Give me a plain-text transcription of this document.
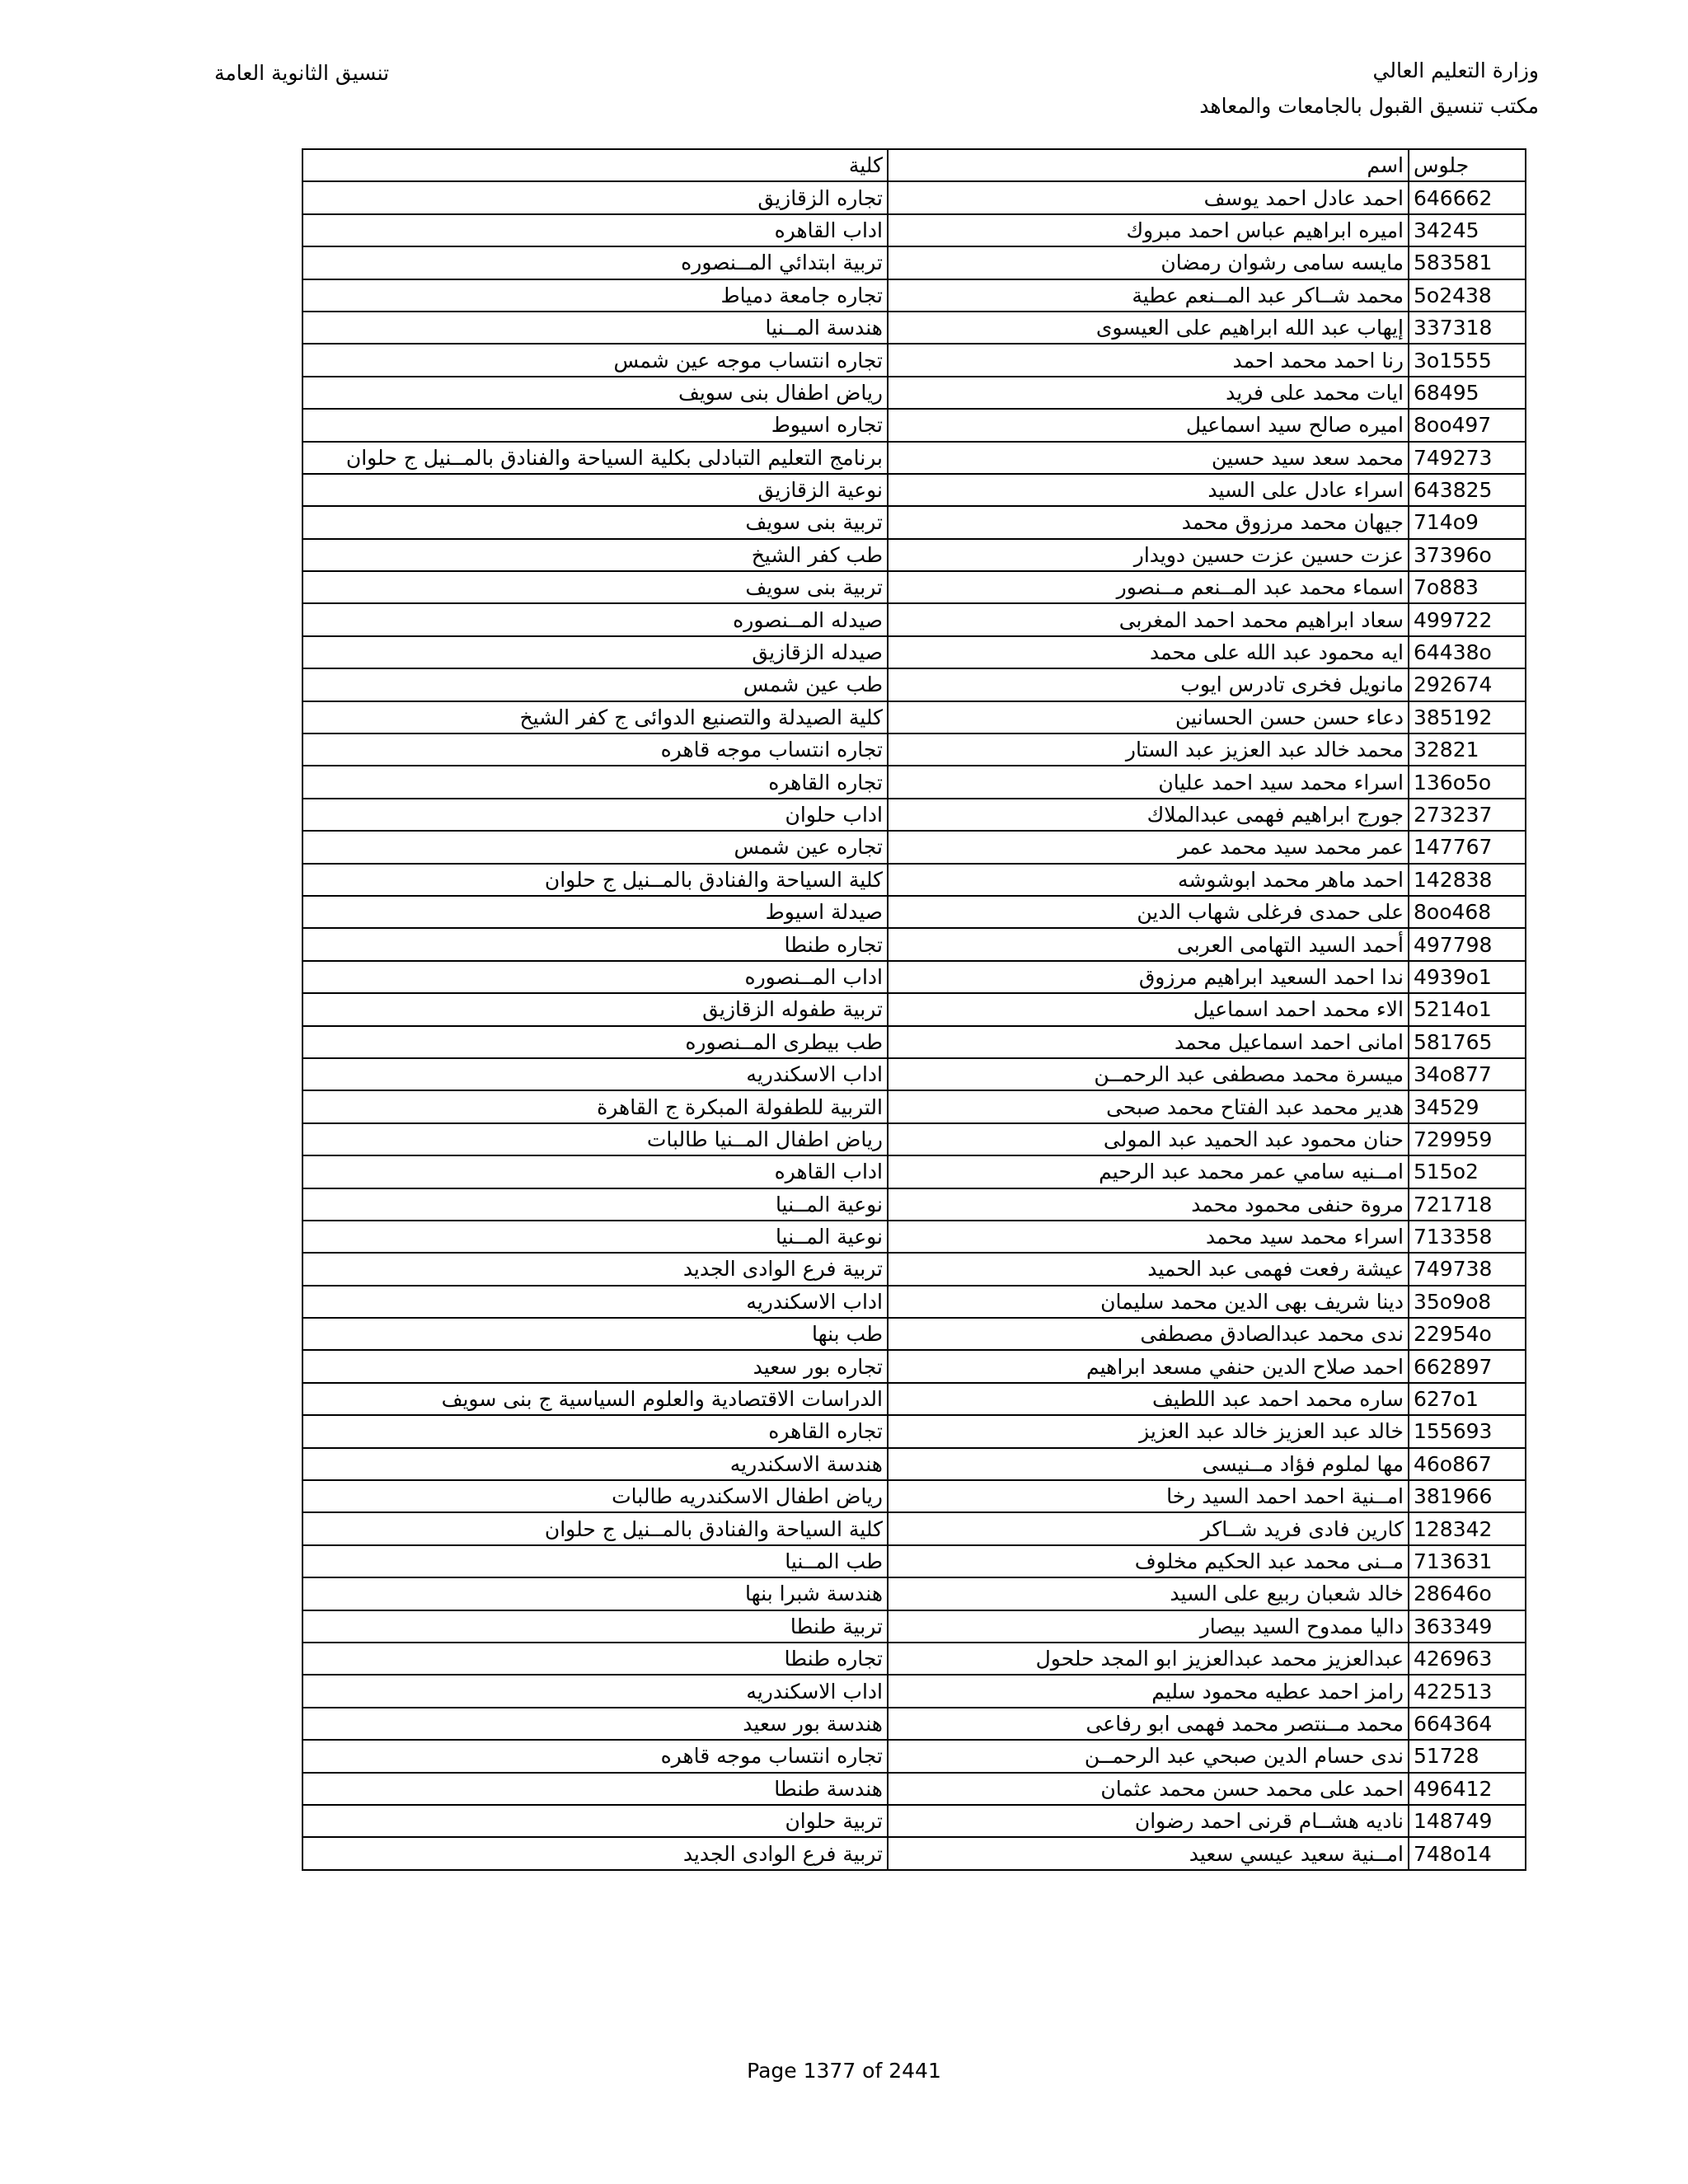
وزارة التعليم العالي
مكتب تنسيق القبول بالجامعات والمعاهد
تنسيق الثانوية العامة
جلوس	اسم	كلية
646662	احمد عادل احمد يوسف	تجاره الزقازيق
34245	اميره ابراهيم عباس احمد مبروك	اداب القاهره
583581	مايسه سامى رشوان رمضان	تربية ابتدائي المــنصوره
5o2438	محمد شــاكر عبد المــنعم عطية	تجاره جامعة دمياط
337318	إيهاب عبد الله ابراهيم على العيسوى	هندسة المــنيا
3o1555	رنا احمد محمد احمد	تجاره انتساب موجه عين شمس
68495	ايات محمد على فريد	رياض اطفال بنى سويف
8oo497	اميره صالح سيد اسماعيل	تجاره اسيوط
749273	محمد سعد سيد حسين	برنامج التعليم التبادلى بكلية السياحة والفنادق بالمــنيل ج حلوان
643825	اسراء عادل على السيد	نوعية الزقازيق
714o9	جيهان محمد مرزوق محمد	تربية بنى سويف
37396o	عزت حسين عزت حسين دويدار	طب كفر الشيخ
7o883	اسماء محمد عبد المــنعم مــنصور	تربية بنى سويف
499722	سعاد ابراهيم محمد احمد المغربى	صيدله المــنصوره
64438o	ايه محمود عبد الله على محمد	صيدله الزقازيق
292674	مانويل فخرى تادرس ايوب	طب عين شمس
385192	دعاء حسن حسن الحسانين	كلية الصيدلة والتصنيع الدوائى ج كفر الشيخ
32821	محمد خالد عبد العزيز عبد الستار	تجاره انتساب موجه قاهره
136o5o	اسراء محمد سيد احمد عليان	تجاره القاهره
273237	جورج ابراهيم فهمى عبدالملاك	اداب حلوان
147767	عمر محمد سيد محمد عمر	تجاره عين شمس
142838	احمد ماهر محمد ابوشوشه	كلية السياحة والفنادق بالمــنيل ج حلوان
8oo468	على حمدى فرغلى شهاب الدين	صيدلة اسيوط
497798	أحمد السيد التهامى العربى	تجاره طنطا
4939o1	ندا احمد السعيد ابراهيم مرزوق	اداب المــنصوره
5214o1	الاء محمد احمد اسماعيل	تربية طفوله الزقازيق
581765	امانى احمد اسماعيل محمد	طب بيطرى المــنصوره
34o877	ميسرة محمد مصطفى عبد الرحمــن	اداب الاسكندريه
34529	هدير محمد عبد الفتاح محمد صبحى	التربية للطفولة المبكرة ج القاهرة
729959	حنان محمود عبد الحميد عبد المولى	رياض اطفال المــنيا طالبات
515o2	امــنيه سامي عمر محمد عبد الرحيم	اداب القاهره
721718	مروة حنفى محمود محمد	نوعية المــنيا
713358	اسراء محمد سيد محمد	نوعية المــنيا
749738	عيشة رفعت فهمى عبد الحميد	تربية فرع الوادى الجديد
35o9o8	دينا شريف بهى الدين محمد سليمان	اداب الاسكندريه
22954o	ندى محمد عبدالصادق مصطفى	طب بنها
662897	احمد صلاح الدين حنفي مسعد ابراهيم	تجاره بور سعيد
627o1	ساره محمد احمد عبد اللطيف	الدراسات الاقتصادية والعلوم السياسية ج بنى سويف
155693	خالد عبد العزيز خالد عبد العزيز	تجاره القاهره
46o867	مها لملوم فؤاد مــنيسى	هندسة الاسكندريه
381966	امــنية احمد احمد السيد رخا	رياض اطفال الاسكندريه طالبات
128342	كارين فادى فريد شــاكر	كلية السياحة والفنادق بالمــنيل ج حلوان
713631	مــنى محمد عبد الحكيم مخلوف	طب المــنيا
28646o	خالد شعبان ربيع على السيد	هندسة شبرا بنها
363349	داليا ممدوح السيد بيصار	تربية طنطا
426963	عبدالعزيز محمد عبدالعزيز ابو المجد حلحول	تجاره طنطا
422513	رامز احمد عطيه محمود سليم	اداب الاسكندريه
664364	محمد مــنتصر محمد فهمى ابو رفاعى	هندسة بور سعيد
51728	ندى حسام الدين صبحي عبد الرحمــن	تجاره انتساب موجه قاهره
496412	احمد على محمد حسن محمد عثمان	هندسة طنطا
148749	ناديه هشــام قرنى احمد رضوان	تربية حلوان
748o14	امــنية سعيد عيسي سعيد	تربية فرع الوادى الجديد
Page 1377 of 2441
